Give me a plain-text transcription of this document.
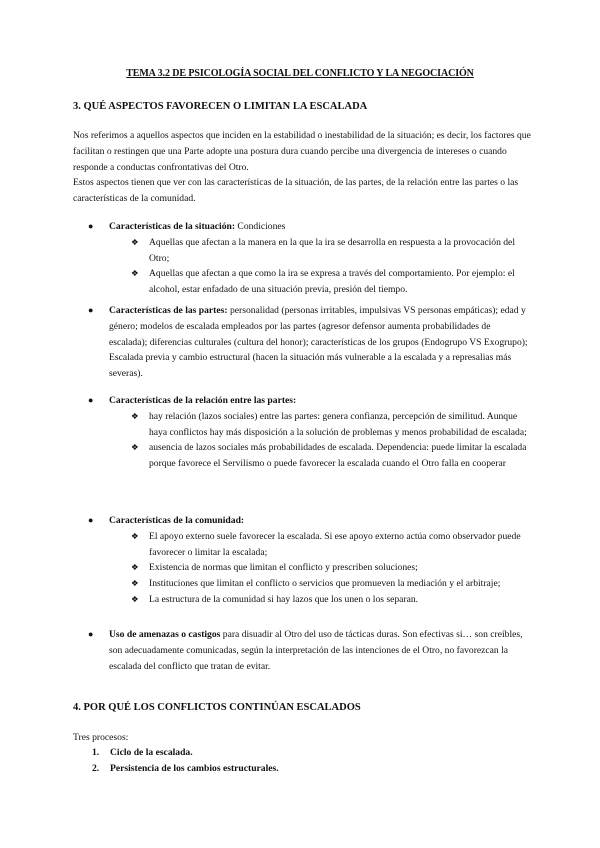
TEMA 3.2 DE PSICOLOGÍA SOCIAL DEL CONFLICTO Y LA NEGOCIACIÓN
3. QUÉ ASPECTOS FAVORECEN O LIMITAN LA ESCALADA
Nos referimos a aquellos aspectos que inciden en la estabilidad o inestabilidad de la situación; es decir, los factores que facilitan o restingen que una Parte adopte una postura dura cuando percibe una divergencia de intereses o cuando responde a conductas confrontativas del Otro.
Estos aspectos tienen que ver con las características de la situación, de las partes, de la relación entre las partes o las características de la comunidad.
● Características de la situación: Condiciones
❖ Aquellas que afectan a la manera en la que la ira se desarrolla en respuesta a la provocación del Otro;
❖ Aquellas que afectan a que como la ira se expresa a través del comportamiento. Por ejemplo: el alcohol, estar enfadado de una situación previa, presión del tiempo.
● Características de las partes: personalidad (personas irritables, impulsivas VS personas empáticas); edad y género; modelos de escalada empleados por las partes (agresor defensor aumenta probabilidades de escalada); diferencias culturales (cultura del honor); características de los grupos (Endogrupo VS Exogrupo); Escalada previa y cambio estructural (hacen la situación más vulnerable a la escalada y a represalias más severas).
● Características de la relación entre las partes:
❖ hay relación (lazos sociales) entre las partes: genera confianza, percepción de similitud. Aunque haya conflictos hay más disposición a la solución de problemas y menos probabilidad de escalada;
❖ ausencia de lazos sociales más probabilidades de escalada. Dependencia: puede limitar la escalada porque favorece el Servilismo o puede favorecer la escalada cuando el Otro falla en cooperar
● Características de la comunidad:
❖ El apoyo externo suele favorecer la escalada. Si ese apoyo externo actúa como observador puede favorecer o limitar la escalada;
❖ Existencia de normas que limitan el conflicto y prescriben soluciones;
❖ Instituciones que limitan el conflicto o servicios que promueven la mediación y el arbitraje;
❖ La estructura de la comunidad si hay lazos que los unen o los separan.
● Uso de amenazas o castigos para disuadir al Otro del uso de tácticas duras. Son efectivas si… son creíbles, son adecuadamente comunicadas, según la interpretación de las intenciones de el Otro, no favorezcan la escalada del conflicto que tratan de evitar.
4. POR QUÉ LOS CONFLICTOS CONTINÚAN ESCALADOS
Tres procesos:
1. Ciclo de la escalada.
2. Persistencia de los cambios estructurales.
